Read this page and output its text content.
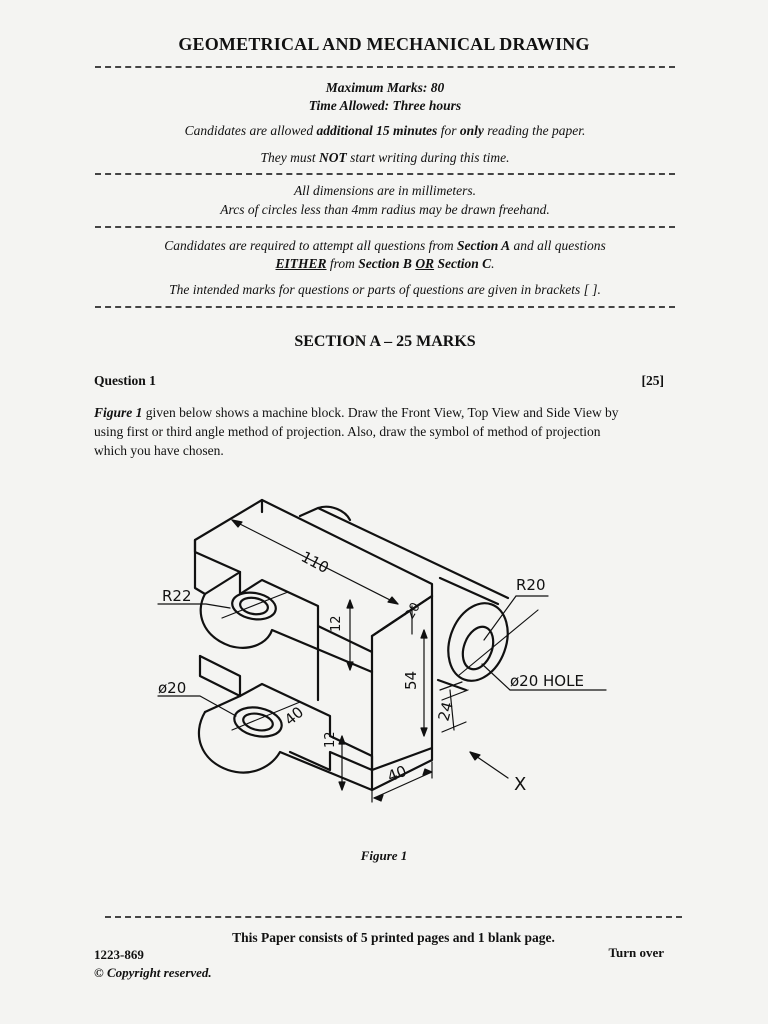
GEOMETRICAL AND MECHANICAL DRAWING
Maximum Marks: 80
Time Allowed: Three hours
Candidates are allowed additional 15 minutes for only reading the paper.
They must NOT start writing during this time.
All dimensions are in millimeters.
Arcs of circles less than 4mm radius may be drawn freehand.
Candidates are required to attempt all questions from Section A and all questions
EITHER from Section B OR Section C.
The intended marks for questions or parts of questions are given in brackets [ ].
SECTION A – 25 MARKS
Question 1	[25]
Figure 1 given below shows a machine block. Draw the Front View, Top View and Side View by using first or third angle method of projection. Also, draw the symbol of method of projection which you have chosen.
110
R22
R20
ø20	ø20 HOLE
12
20
54
40
12
24
40	X
Figure 1
This Paper consists of 5 printed pages and 1 blank page.
1223-869	Turn over
© Copyright reserved.
